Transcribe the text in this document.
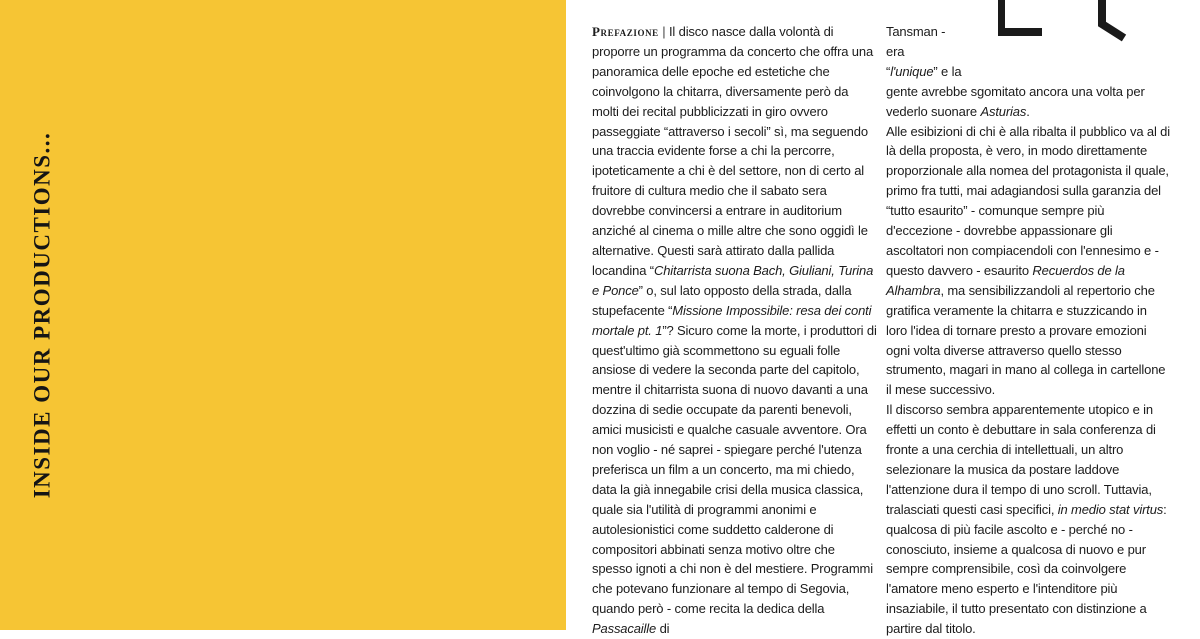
INSIDE OUR PRODUCTIONS...

Prefazione | Il disco nasce dalla volontà di proporre un programma da concerto che offra una panoramica delle epoche ed estetiche che coinvolgono la chitarra, diversamente però da molti dei recital pubblicizzati in giro ovvero passeggiate “attraverso i secoli” sì, ma seguendo una traccia evidente forse a chi la percorre, ipoteticamente a chi è del settore, non di certo al fruitore di cultura medio che il sabato sera dovrebbe convincersi a entrare in auditorium anziché al cinema o mille altre che sono oggidì le alternative. Questi sarà attirato dalla pallida locandina “Chitarrista suona Bach, Giuliani, Turina e Ponce” o, sul lato opposto della strada, dalla stupefacente “Missione Impossibile: resa dei conti mortale pt. 1”? Sicuro come la morte, i produttori di quest'ultimo già scommettono su eguali folle ansiose di vedere la seconda parte del capitolo, mentre il chitarrista suona di nuovo davanti a una dozzina di sedie occupate da parenti benevoli, amici musicisti e qualche casuale avventore. Ora non voglio - né saprei - spiegare perché l'utenza preferisca un film a un concerto, ma mi chiedo, data la già innegabile crisi della musica classica, quale sia l'utilità di programmi anonimi e autolesionistici come suddetto calderone di compositori abbinati senza motivo oltre che spesso ignoti a chi non è del mestiere. Programmi che potevano funzionare al tempo di Segovia, quando però - come recita la dedica della Passacaille di

Tansman - era
“l'unique” e la

gente avrebbe sgomitato ancora una volta per vederlo suonare Asturias.

Alle esibizioni di chi è alla ribalta il pubblico va al di là della proposta, è vero, in modo direttamente proporzionale alla nomea del protagonista il quale, primo fra tutti, mai adagiandosi sulla garanzia del “tutto esaurito” - comunque sempre più d'eccezione - dovrebbe appassionare gli ascoltatori non compiacendoli con l'ennesimo e - questo davvero - esaurito Recuerdos de la Alhambra, ma sensibilizzandoli al repertorio che gratifica veramente la chitarra e stuzzicando in loro l'idea di tornare presto a provare emozioni ogni volta diverse attraverso quello stesso strumento, magari in mano al collega in cartellone il mese successivo.

Il discorso sembra apparentemente utopico e in effetti un conto è debuttare in sala conferenza di fronte a una cerchia di intellettuali, un altro selezionare la musica da postare laddove l'attenzione dura il tempo di uno scroll. Tuttavia, tralasciati questi casi specifici, in medio stat virtus: qualcosa di più facile ascolto e - perché no - conosciuto, insieme a qualcosa di nuovo e pur sempre comprensibile, così da coinvolgere l'amatore meno esperto e l'intenditore più insaziabile, il tutto presentato con distinzione a partire dal titolo.
